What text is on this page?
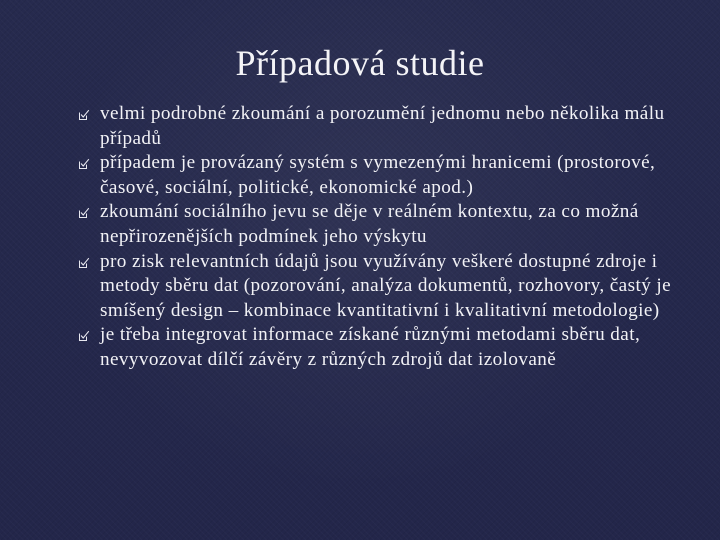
Případová studie
velmi podrobné zkoumání a porozumění jednomu nebo několika málu případů
případem je provázaný systém s vymezenými hranicemi (prostorové, časové, sociální, politické, ekonomické apod.)
zkoumání sociálního jevu se děje v reálném kontextu, za co možná nepřirozenějších podmínek jeho výskytu
pro zisk relevantních údajů jsou využívány veškeré dostupné zdroje i metody sběru dat (pozorování, analýza dokumentů, rozhovory, častý je smíšený design – kombinace kvantitativní i kvalitativní metodologie)
je třeba integrovat informace získané různými metodami sběru dat, nevyvozovat dílčí závěry z různých zdrojů dat izolovaně
